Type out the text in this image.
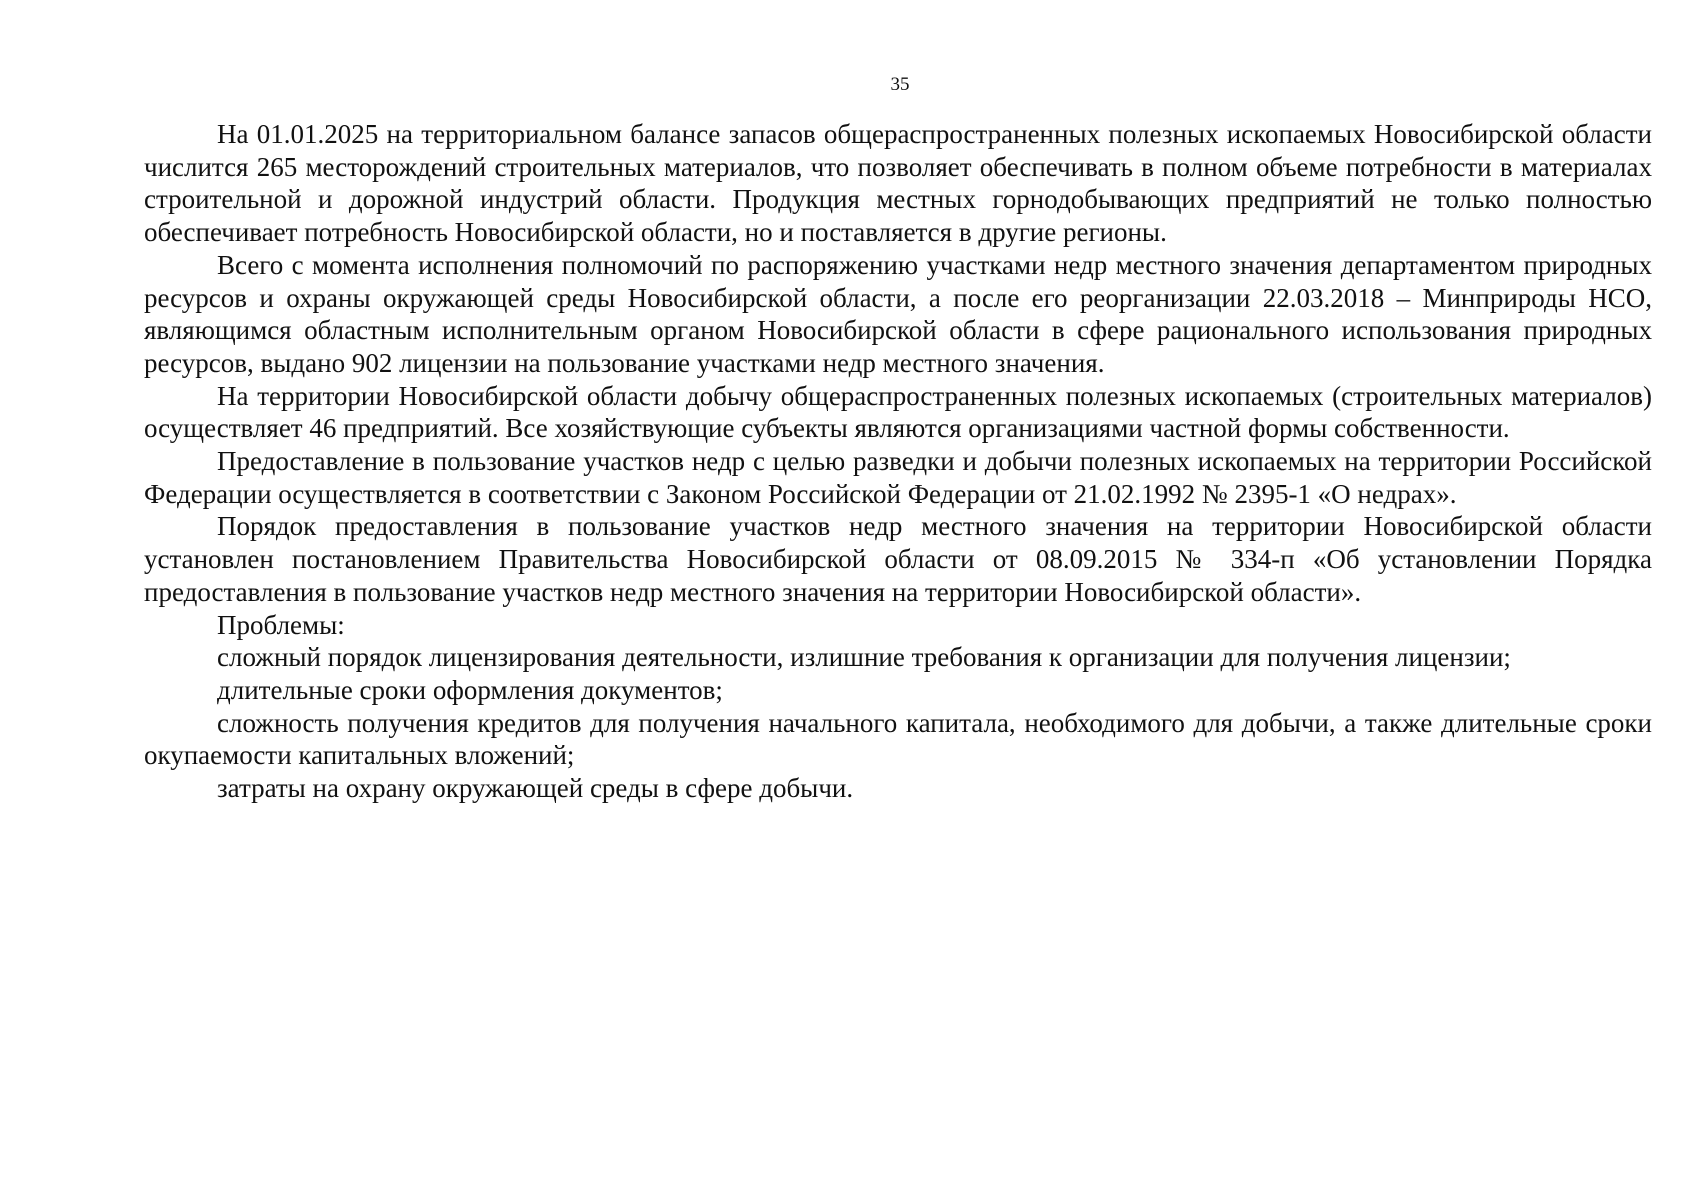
35

На 01.01.2025 на территориальном балансе запасов общераспространенных полезных ископаемых Новосибирской области числится 265 месторождений строительных материалов, что позволяет обеспечивать в полном объеме потребности в материалах строительной и дорожной индустрий области. Продукция местных горнодобывающих предприятий не только полностью обеспечивает потребность Новосибирской области, но и поставляется в другие регионы.

Всего с момента исполнения полномочий по распоряжению участками недр местного значения департаментом природных ресурсов и охраны окружающей среды Новосибирской области, а после его реорганизации 22.03.2018 – Минприроды НСО, являющимся областным исполнительным органом Новосибирской области в сфере рационального использования природных ресурсов, выдано 902 лицензии на пользование участками недр местного значения.

На территории Новосибирской области добычу общераспространенных полезных ископаемых (строительных материалов) осуществляет 46 предприятий. Все хозяйствующие субъекты являются организациями частной формы собственности.

Предоставление в пользование участков недр с целью разведки и добычи полезных ископаемых на территории Российской Федерации осуществляется в соответствии с Законом Российской Федерации от 21.02.1992 № 2395-1 «О недрах».

Порядок предоставления в пользование участков недр местного значения на территории Новосибирской области установлен постановлением Правительства Новосибирской области от 08.09.2015 № 334-п «Об установлении Порядка предоставления в пользование участков недр местного значения на территории Новосибирской области».

Проблемы:

сложный порядок лицензирования деятельности, излишние требования к организации для получения лицензии;

длительные сроки оформления документов;

сложность получения кредитов для получения начального капитала, необходимого для добычи, а также длительные сроки окупаемости капитальных вложений;

затраты на охрану окружающей среды в сфере добычи.
